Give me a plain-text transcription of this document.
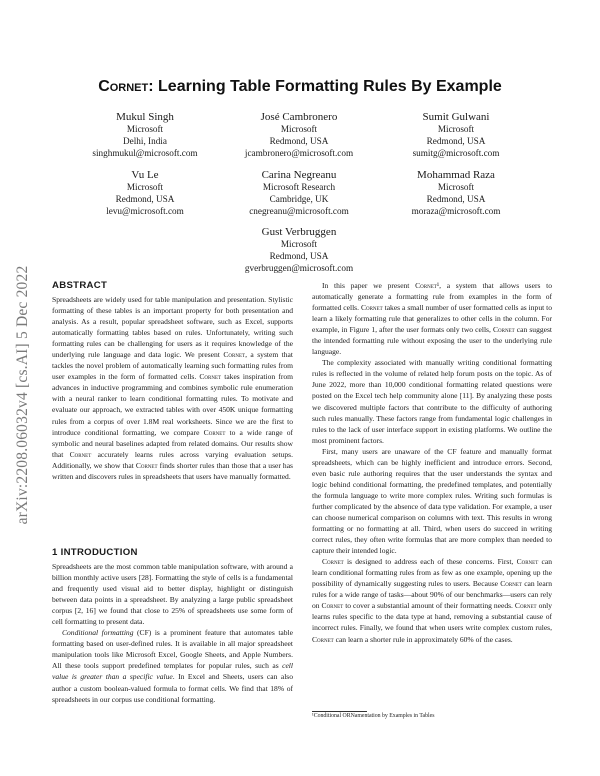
arXiv:2208.06032v4 [cs.AI] 5 Dec 2022
Cornet: Learning Table Formatting Rules By Example
Mukul Singh
Microsoft
Delhi, India
singhmukul@microsoft.com
José Cambronero
Microsoft
Redmond, USA
jcambronero@microsoft.com
Sumit Gulwani
Microsoft
Redmond, USA
sumitg@microsoft.com
Vu Le
Microsoft
Redmond, USA
levu@microsoft.com
Carina Negreanu
Microsoft Research
Cambridge, UK
cnegreanu@microsoft.com
Mohammad Raza
Microsoft
Redmond, USA
moraza@microsoft.com
Gust Verbruggen
Microsoft
Redmond, USA
gverbruggen@microsoft.com
ABSTRACT

Spreadsheets are widely used for table manipulation and presentation. Stylistic formatting of these tables is an important property for both presentation and analysis. As a result, popular spreadsheet software, such as Excel, supports automatically formatting tables based on rules. Unfortunately, writing such formatting rules can be challenging for users as it requires knowledge of the underlying rule language and data logic. We present Cornet, a system that tackles the novel problem of automatically learning such formatting rules from user examples in the form of formatted cells. Cornet takes inspiration from advances in inductive programming and combines symbolic rule enumeration with a neural ranker to learn conditional formatting rules. To motivate and evaluate our approach, we extracted tables with over 450K unique formatting rules from a corpus of over 1.8M real worksheets. Since we are the first to introduce conditional formatting, we compare Cornet to a wide range of symbolic and neural baselines adapted from related domains. Our results show that Cornet accurately learns rules across varying evaluation setups. Additionally, we show that Cornet finds shorter rules than those that a user has written and discovers rules in spreadsheets that users have manually formatted.

1 INTRODUCTION

Spreadsheets are the most common table manipulation software, with around a billion monthly active users [28]. Formatting the style of cells is a fundamental and frequently used visual aid to better display, highlight or distinguish between data points in a spreadsheet. By analyzing a large public spreadsheet corpus [2, 16] we found that close to 25% of spreadsheets use some form of cell formatting to present data.

Conditional formatting (CF) is a prominent feature that automates table formatting based on user-defined rules. It is available in all major spreadsheet manipulation tools like Microsoft Excel, Google Sheets, and Apple Numbers. All these tools support predefined templates for popular rules, such as cell value is greater than a specific value. In Excel and Sheets, users can also author a custom boolean-valued formula to format cells. We find that 18% of spreadsheets in our corpus use conditional formatting.

In this paper we present Cornet¹, a system that allows users to automatically generate a formatting rule from examples in the form of formatted cells. Cornet takes a small number of user formatted cells as input to learn a likely formatting rule that generalizes to other cells in the column. For example, in Figure 1, after the user formats only two cells, Cornet can suggest the intended formatting rule without exposing the user to the underlying rule language.

The complexity associated with manually writing conditional formatting rules is reflected in the volume of related help forum posts on the topic. As of June 2022, more than 10,000 conditional formatting related questions were posted on the Excel tech help community alone [11]. By analyzing these posts we discovered multiple factors that contribute to the difficulty of authoring such rules manually. These factors range from fundamental logic challenges in rules to the lack of user interface support in existing platforms. We outline the most prominent factors.

First, many users are unaware of the CF feature and manually format spreadsheets, which can be highly inefficient and introduce errors. Second, even basic rule authoring requires that the user understands the syntax and logic behind conditional formatting, the predefined templates, and potentially the formula language to write more complex rules. Writing such formulas is further complicated by the absence of data type validation. For example, a user can choose numerical comparison on columns with text. This results in wrong formatting or no formatting at all. Third, when users do succeed in writing correct rules, they often write formulas that are more complex than needed to capture their intended logic.

Cornet is designed to address each of these concerns. First, Cornet can learn conditional formatting rules from as few as one example, opening up the possibility of dynamically suggesting rules to users. Because Cornet can learn rules for a wide range of tasks—about 90% of our benchmarks—users can rely on Cornet to cover a substantial amount of their formatting needs. Cornet only learns rules specific to the data type at hand, removing a substantial cause of incorrect rules. Finally, we found that when users write complex custom rules, Cornet can learn a shorter rule in approximately 60% of the cases.

¹Conditional ORNamentation by Examples in Tables
